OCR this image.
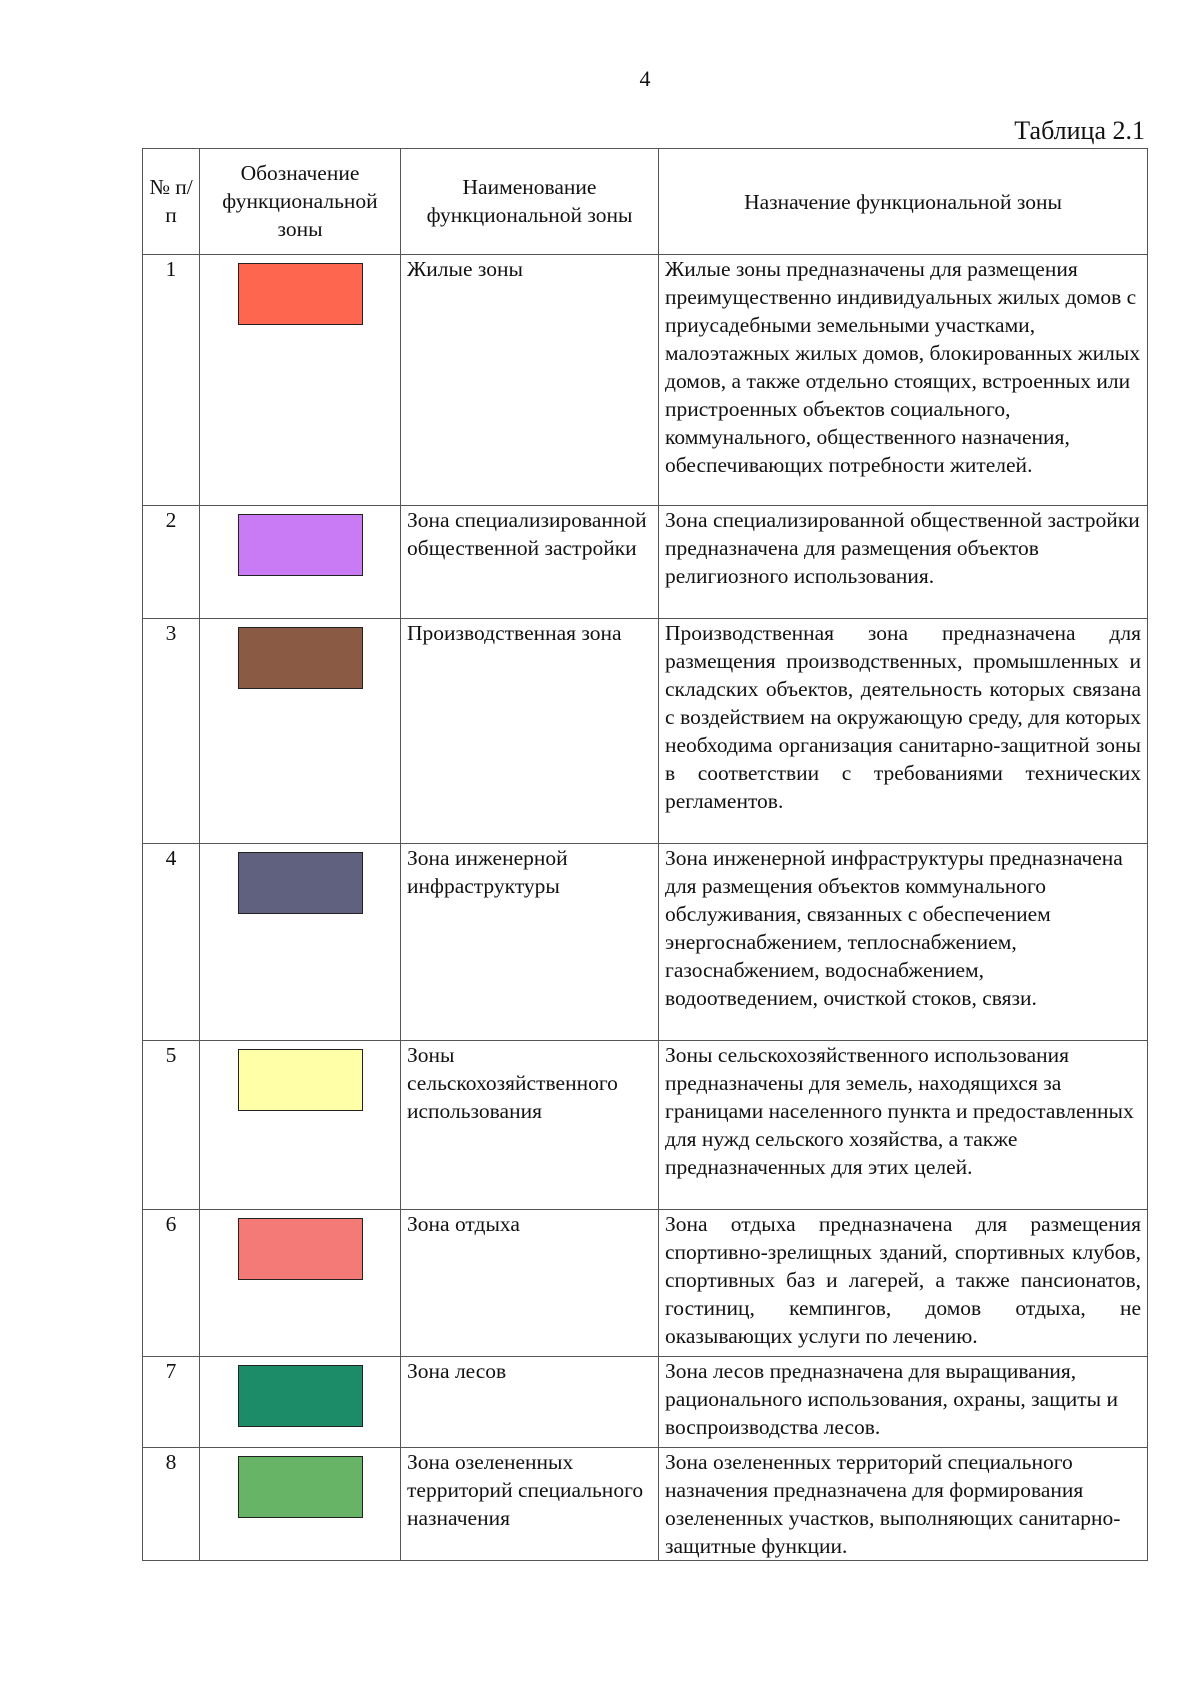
4
Таблица 2.1
№ п/п	Обозначение функциональной зоны	Наименование функциональной зоны	Назначение функциональной зоны
1		Жилые зоны	Жилые зоны предназначены для размещения преимущественно индивидуальных жилых домов с приусадебными земельными участками, малоэтажных жилых домов, блокированных жилых домов, а также отдельно стоящих, встроенных или пристроенных объектов социального, коммунального, общественного назначения, обеспечивающих потребности жителей.
2		Зона специализированной общественной застройки	Зона специализированной общественной застройки предназначена для размещения объектов религиозного использования.
3		Производственная зона	Производственная зона предназначена для размещения производственных, промышленных и складских объектов, деятельность которых связана с воздействием на окружающую среду, для которых необходима организация санитарно-защитной зоны в соответствии с требованиями технических регламентов.
4		Зона инженерной инфраструктуры	Зона инженерной инфраструктуры предназначена для размещения объектов коммунального обслуживания, связанных с обеспечением энергоснабжением, теплоснабжением, газоснабжением, водоснабжением, водоотведением, очисткой стоков, связи.
5		Зоны сельскохозяйственного использования	Зоны сельскохозяйственного использования предназначены для земель, находящихся за границами населенного пункта и предоставленных для нужд сельского хозяйства, а также предназначенных для этих целей.
6		Зона отдыха	Зона отдыха предназначена для размещения спортивно-зрелищных зданий, спортивных клубов, спортивных баз и лагерей, а также пансионатов, гостиниц, кемпингов, домов отдыха, не оказывающих услуги по лечению.
7		Зона лесов	Зона лесов предназначена для выращивания, рационального использования, охраны, защиты и воспроизводства лесов.
8		Зона озелененных территорий специального назначения	Зона озелененных территорий специального назначения предназначена для формирования озелененных участков, выполняющих санитарно-защитные функции.
